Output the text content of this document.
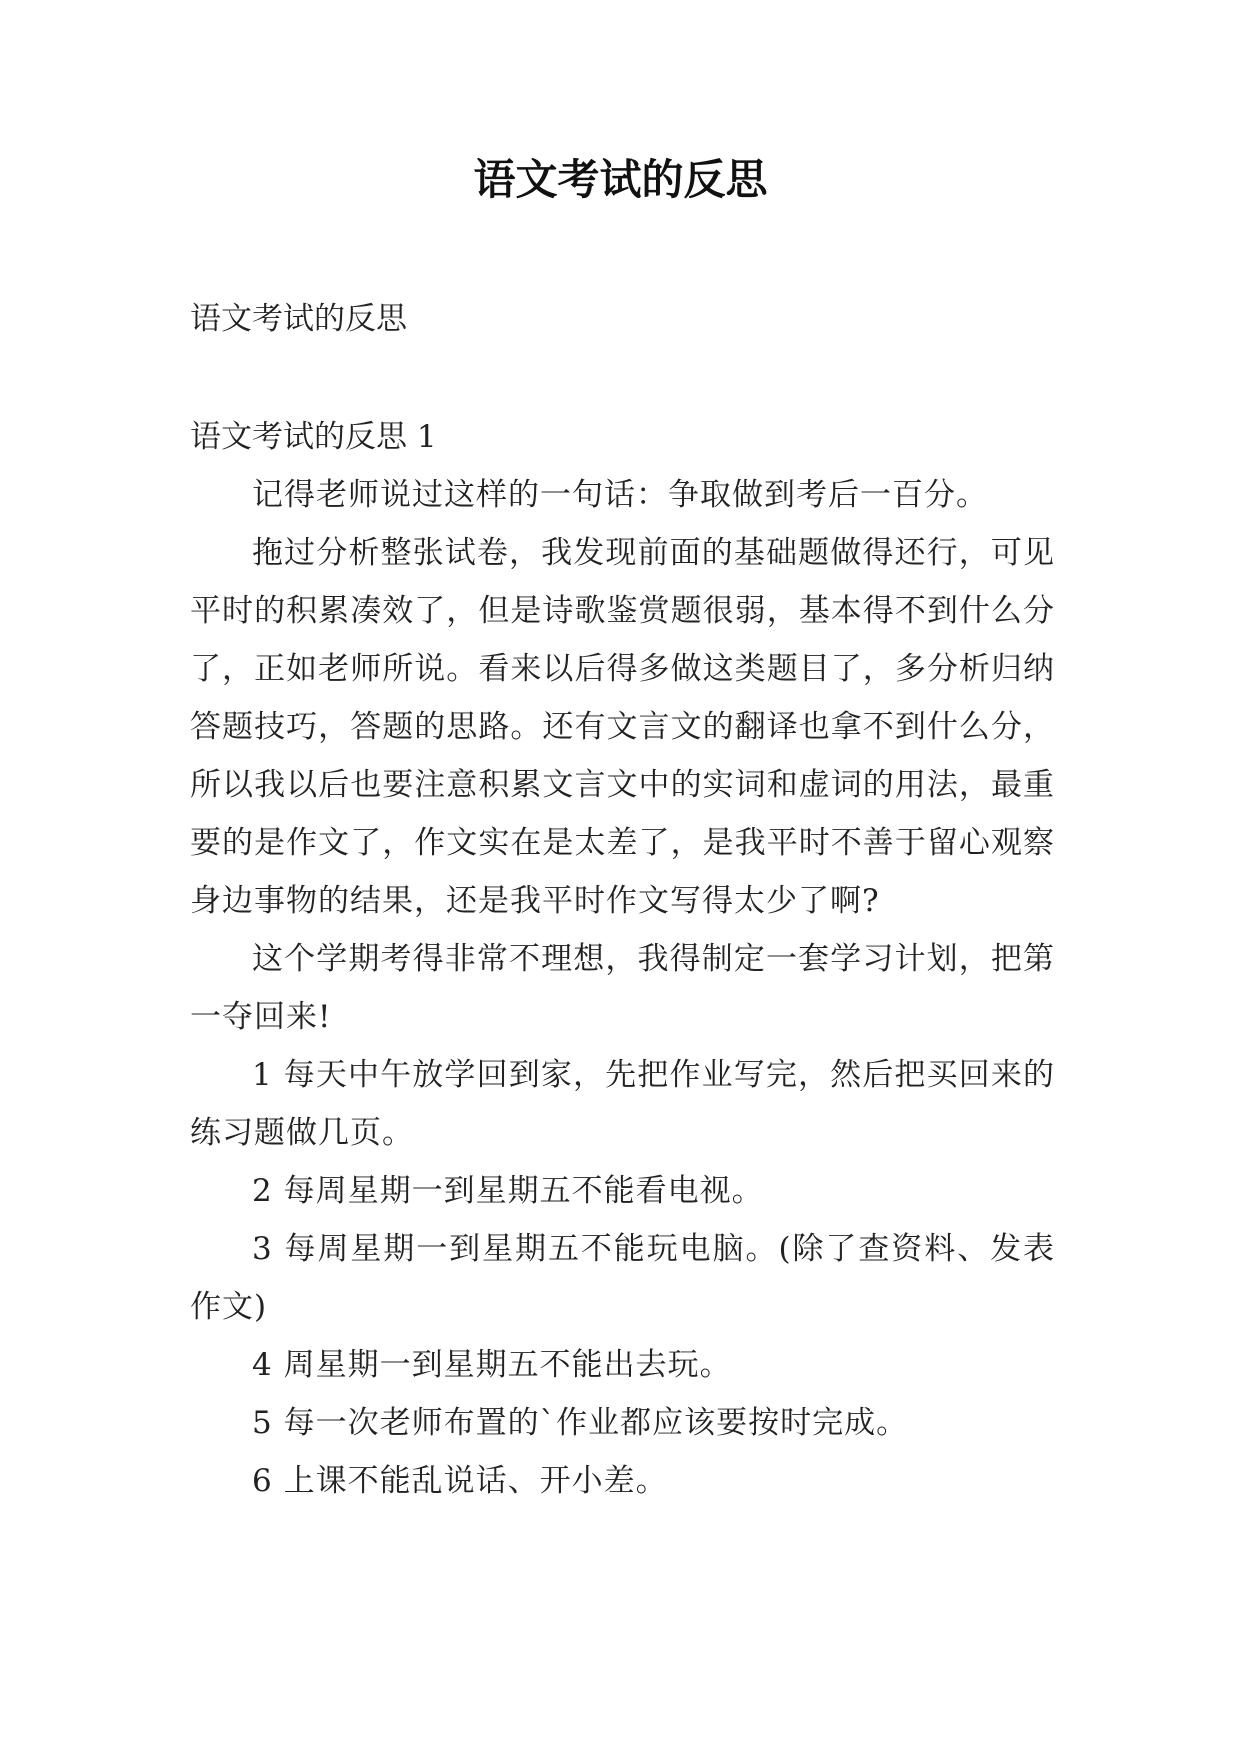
语文考试的反思

语文考试的反思

语文考试的反思 1

记得老师说过这样的一句话：争取做到考后一百分。

拖过分析整张试卷，我发现前面的基础题做得还行，可见平时的积累凑效了，但是诗歌鉴赏题很弱，基本得不到什么分了，正如老师所说。看来以后得多做这类题目了，多分析归纳答题技巧，答题的思路。还有文言文的翻译也拿不到什么分，所以我以后也要注意积累文言文中的实词和虚词的用法，最重要的是作文了，作文实在是太差了，是我平时不善于留心观察身边事物的结果，还是我平时作文写得太少了啊?

这个学期考得非常不理想，我得制定一套学习计划，把第一夺回来!

1 每天中午放学回到家，先把作业写完，然后把买回来的练习题做几页。

2 每周星期一到星期五不能看电视。

3 每周星期一到星期五不能玩电脑。(除了查资料、发表作文)

4 周星期一到星期五不能出去玩。

5 每一次老师布置的`作业都应该要按时完成。

6 上课不能乱说话、开小差。
